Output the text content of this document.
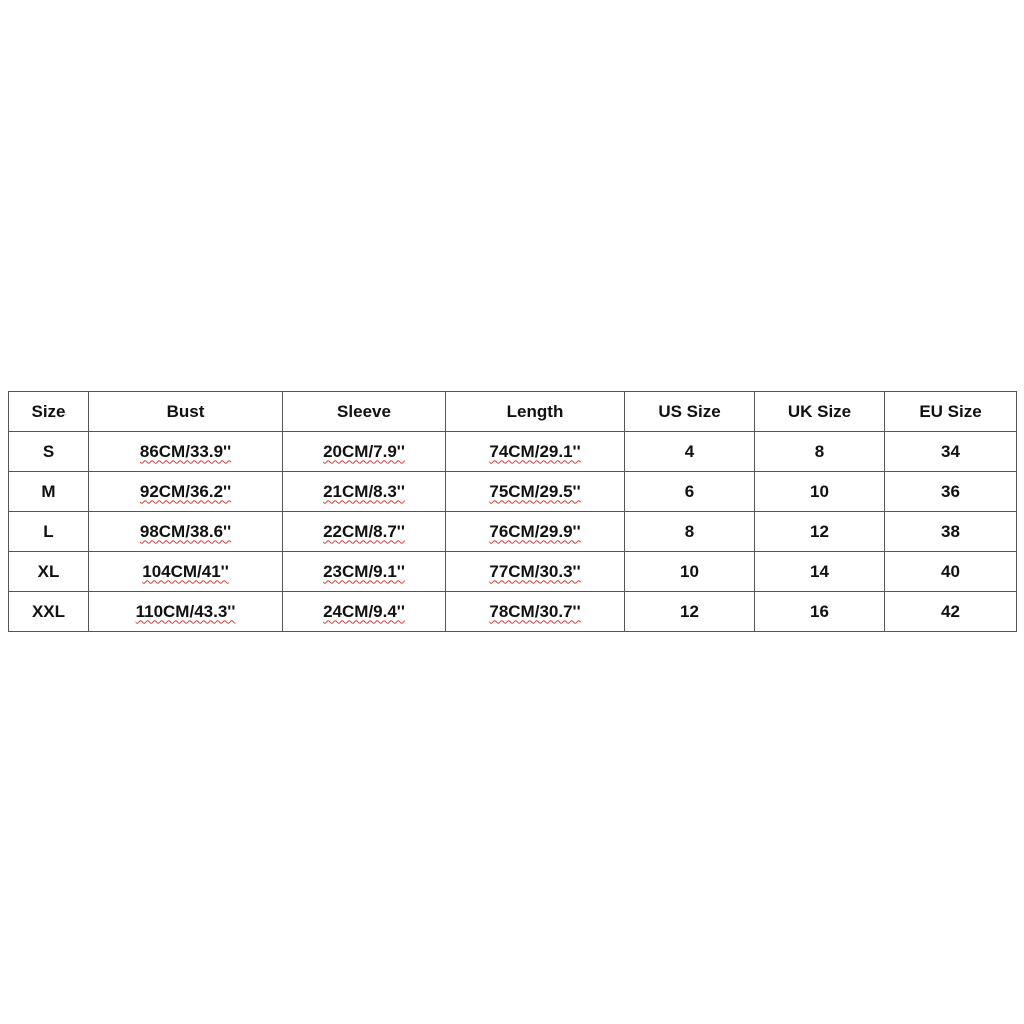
Size	Bust	Sleeve	Length	US Size	UK Size	EU Size
S	86CM/33.9''	20CM/7.9''	74CM/29.1''	4	8	34
M	92CM/36.2''	21CM/8.3''	75CM/29.5''	6	10	36
L	98CM/38.6''	22CM/8.7''	76CM/29.9''	8	12	38
XL	104CM/41''	23CM/9.1''	77CM/30.3''	10	14	40
XXL	110CM/43.3''	24CM/9.4''	78CM/30.7''	12	16	42
